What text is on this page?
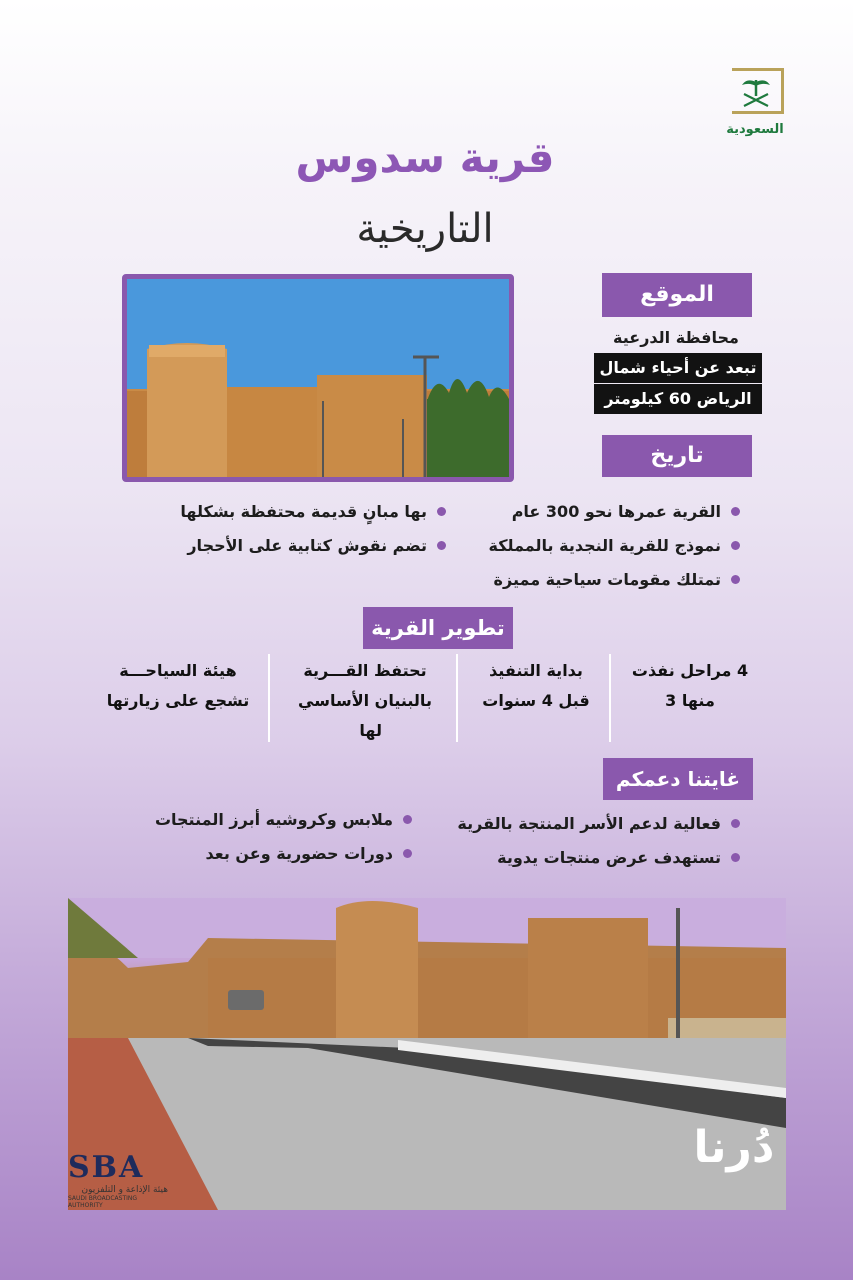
السعودية
قرية سدوس
التاريخية
الموقع
محافظة الدرعية
تبعد عن أحياء شمال
الرياض 60 كيلومتر
تاريخ
القرية عمرها نحو 300 عام
نموذج للقرية النجدية بالمملكة
تمتلك مقومات سياحية مميزة
بها مبانٍ قديمة محتفظة بشكلها
تضم نقوش كتابية على الأحجار
تطوير القرية
4 مراحل نفذت
منها 3
بداية التنفيذ
قبل 4 سنوات
تحتفظ القـــرية
بالبنيان الأساسي
لها
هيئة السياحـــة
تشجع على زيارتها
غايتنا دعمكم
فعالية لدعم الأسر المنتجة بالقرية
تستهدف عرض منتجات يدوية
ملابس وكروشيه أبرز المنتجات
دورات حضورية وعن بعد
SBA
هيئة الإذاعة و التلفزيون
SAUDI BROADCASTING AUTHORITY
دُرنا
